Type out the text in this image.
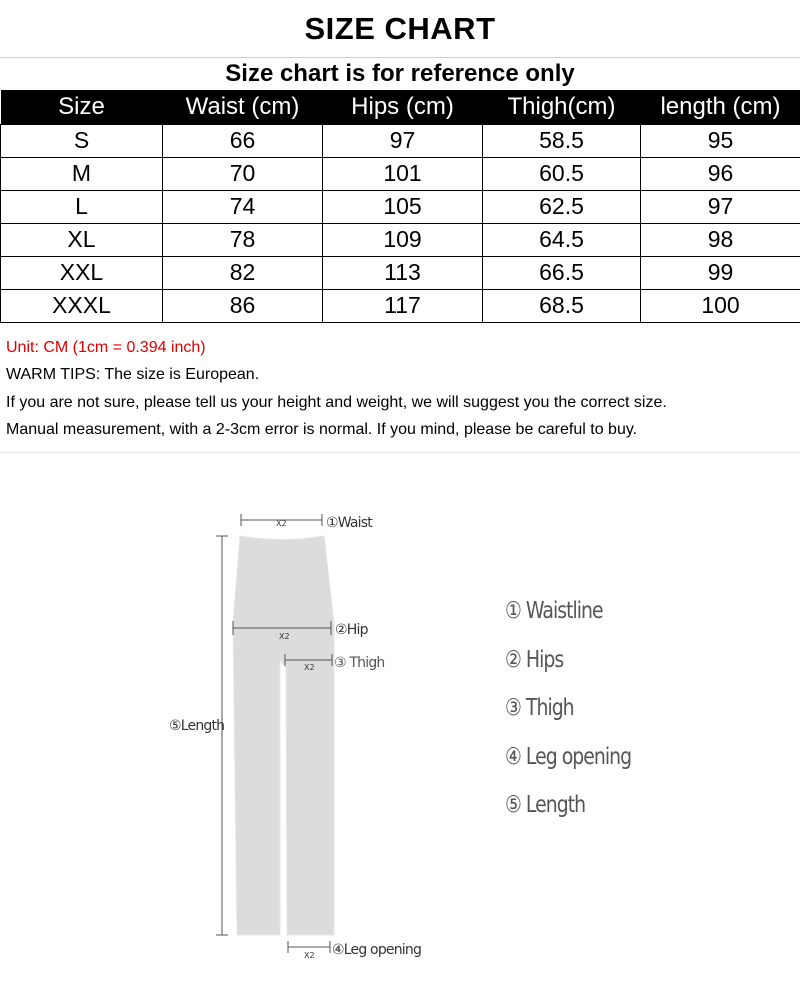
SIZE CHART
Size chart is for reference only
Size	Waist (cm)	Hips (cm)	Thigh(cm)	length (cm)
S	66	97	58.5	95
M	70	101	60.5	96
L	74	105	62.5	97
XL	78	109	64.5	98
XXL	82	113	66.5	99
XXXL	86	117	68.5	100
Unit: CM (1cm = 0.394 inch)
WARM TIPS: The size is European.
If you are not sure, please tell us your height and weight, we will suggest you the correct size.
Manual measurement, with a 2-3cm error is normal. If you mind, please be careful to buy.
X2	①Waist
X2	②Hip
X2 ③ Thigh
⑤Length
X2 ④Leg opening
① Waistline
② Hips
③ Thigh
④ Leg opening
⑤ Length
